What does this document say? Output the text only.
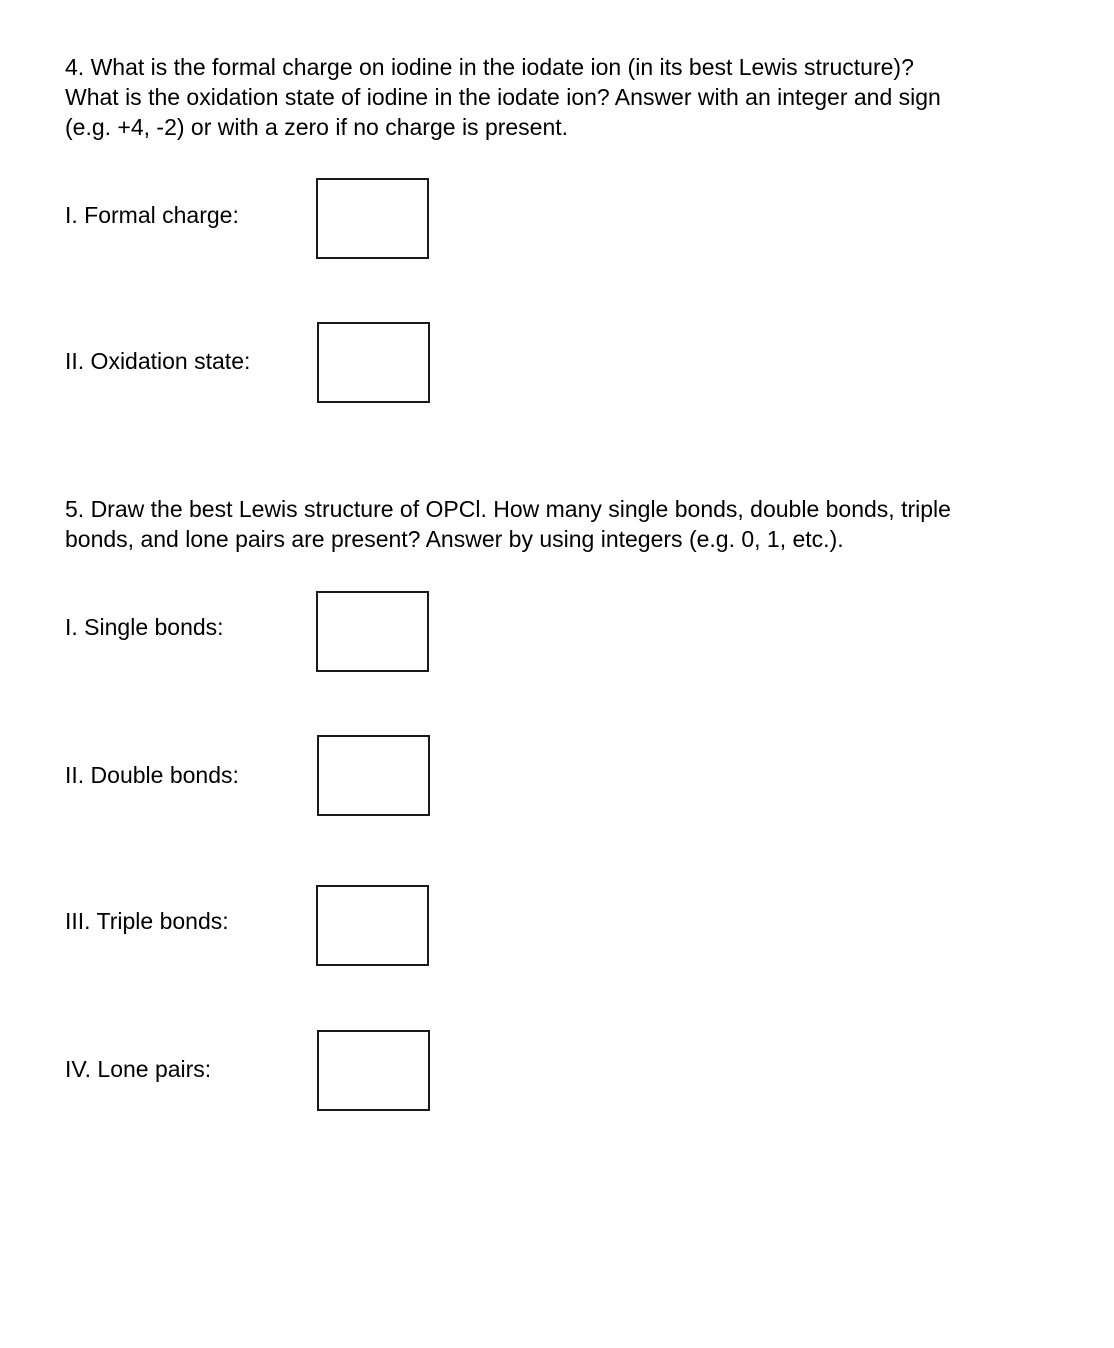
4. What is the formal charge on iodine in the iodate ion (in its best Lewis structure)?
What is the oxidation state of iodine in the iodate ion? Answer with an integer and sign
(e.g. +4, -2) or with a zero if no charge is present.

I. Formal charge:
II. Oxidation state:

5. Draw the best Lewis structure of OPCl. How many single bonds, double bonds, triple
bonds, and lone pairs are present? Answer by using integers (e.g. 0, 1, etc.).

I. Single bonds:
II. Double bonds:
III. Triple bonds:
IV. Lone pairs:
